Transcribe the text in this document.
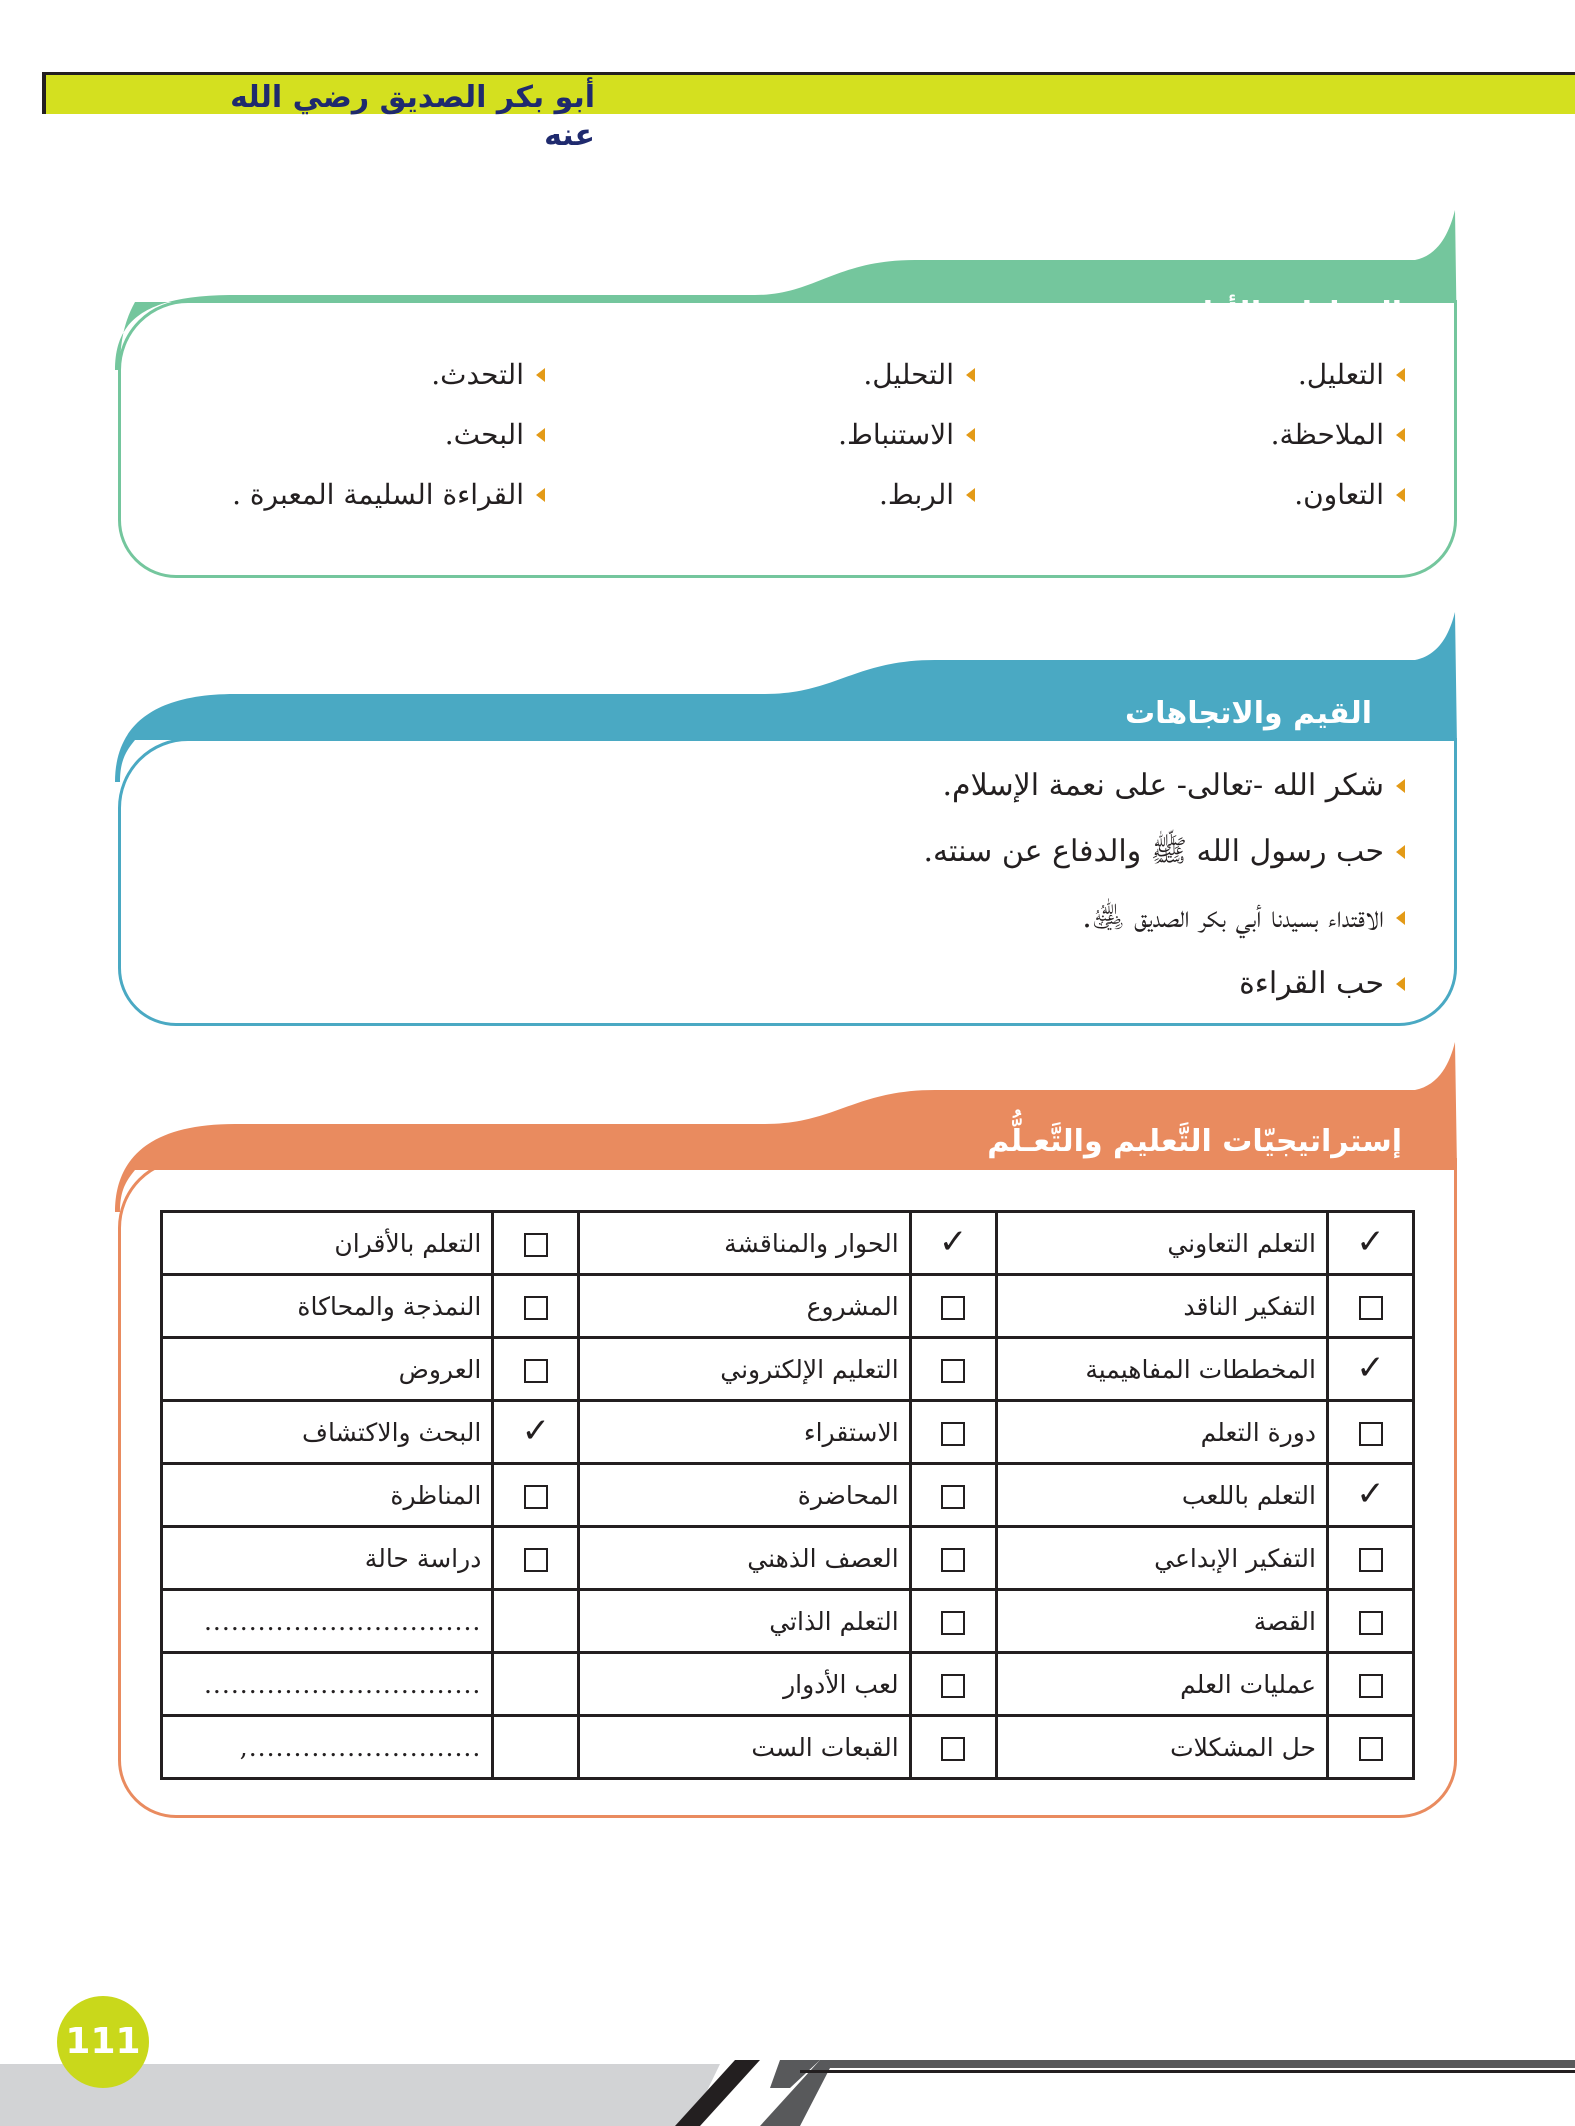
أبو بكر الصديق رضي الله عنه
المهارات الأدائية:
التعليل.
التحليل.
التحدث.
الملاحظة.
الاستنباط.
البحث.
التعاون.
الربط.
القراءة السليمة المعبرة .
القيم والاتجاهات
شكر الله -تعالى- على نعمة الإسلام.
حب رسول الله ﷺ والدفاع عن سنته.
الاقتداء بسيدنا أبي بكر الصديق ﵁.
حب القراءة
إستراتيجيّات التَّعليم والتَّعـلُّم
✓	التعلم التعاوني	✓	الحوار والمناقشة		التعلم بالأقران
	التفكير الناقد		المشروع		النمذجة والمحاكاة
✓	المخططات المفاهيمية		التعليم الإلكتروني		العروض
	دورة التعلم		الاستقراء	✓	البحث والاكتشاف
✓	التعلم باللعب		المحاضرة		المناظرة
	التفكير الإبداعي		العصف الذهني		دراسة حالة
	القصة		التعلم الذاتي		...............................
	عمليات العلم		لعب الأدوار		...............................
	حل المشكلات		القبعات الست		..........................,
111
